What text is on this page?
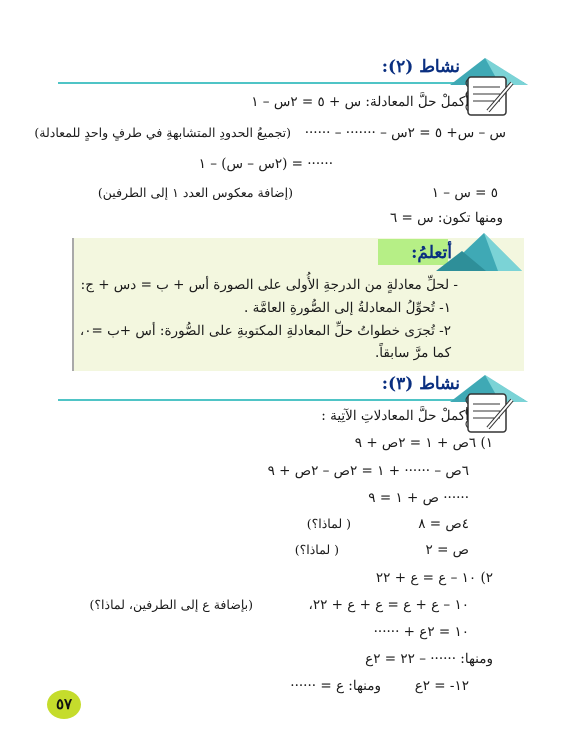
نشاط (٢):
أكملْ حلَّ المعادلة: س + ٥ = ٢س – ١
س – س+ ٥ = ٢س – ······· – ······
(تجميعُ الحدودِ المتشابهةِ في طرفٍ واحدٍ للمعادلة)
······ = (٢س – س) – ١
٥ = س – ١
(إضافة معكوس العدد ١ إلى الطرفين)
ومنها تكون: س = ٦
أتعلمُ:
- لحلِّ معادلةٍ من الدرجةِ الأُولى على الصورة أس + ب = دس + ج:
١- تُحوِّلُ المعادلةُ إلى الصُّورةِ العامَّة .
٢- تُجرَى خطواتُ حلِّ المعادلةِ المكتوبةِ على الصُّورة: أس +ب =٠،
كما مرَّ سابقاً.
نشاط (٣):
أكملْ حلَّ المعادلاتِ الآتِية :
١) ٦ص + ١ = ٢ص + ٩
٦ص – ······ + ١ = ٢ص – ٢ص + ٩
······ ص + ١ = ٩
٤ص = ٨
( لماذا؟)
ص = ٢
( لماذا؟)
٢) ١٠ – ع = ع + ٢٢
١٠ – ع + ع = ع + ع + ٢٢،
(بإضافة ع إلى الطرفين، لماذا؟)
١٠ = ٢ع + ······
ومنها: ······ – ٢٢ = ٢ع
١٢- = ٢ع
ومنها: ع = ······
٥٧
